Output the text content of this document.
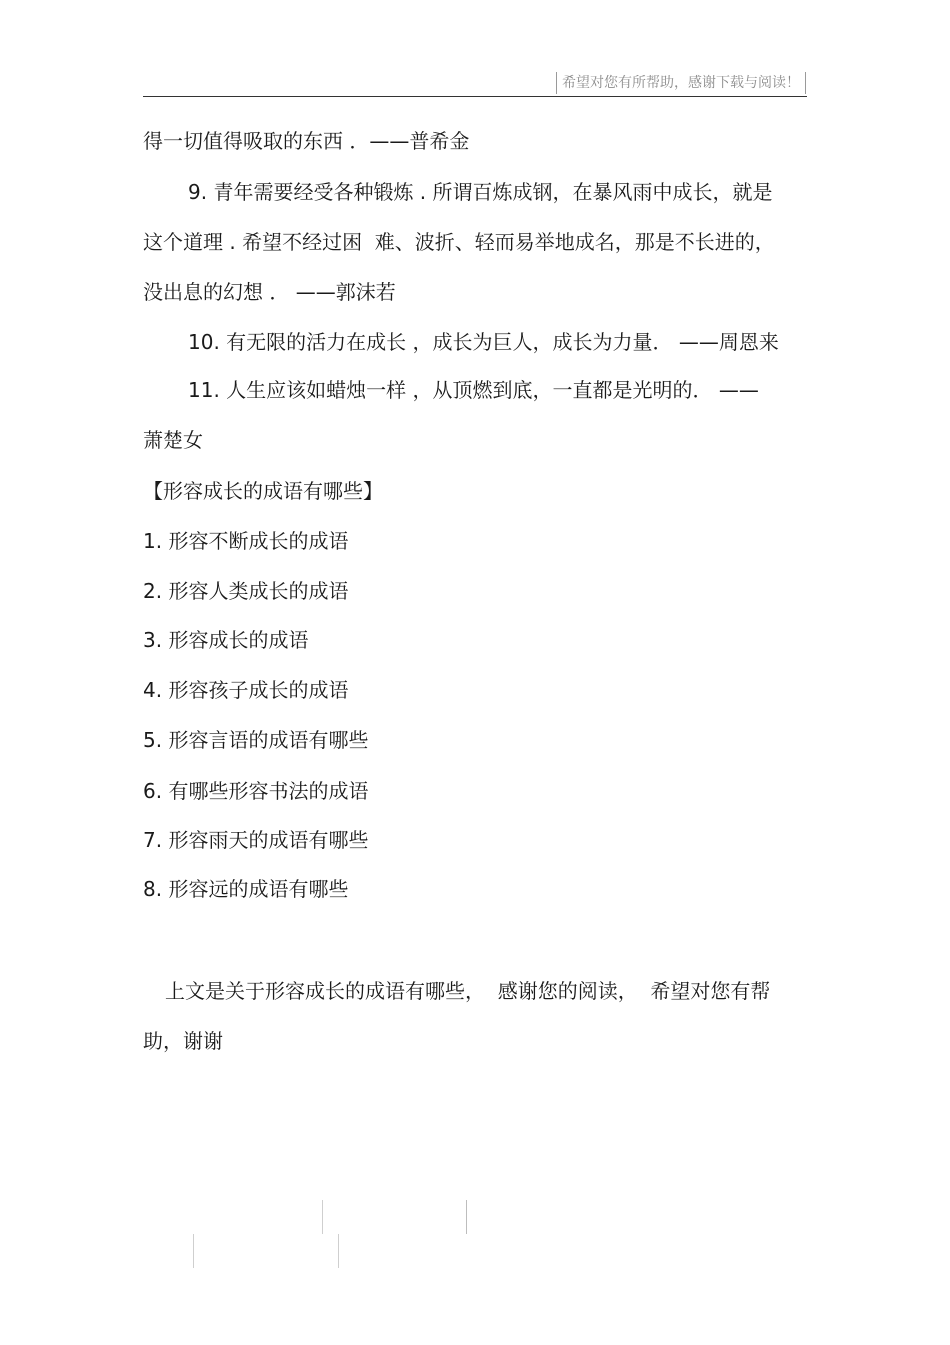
希望对您有所帮助，感谢下载与阅读！
得一切值得吸取的东西 ．——普希金
9. 青年需要经受各种锻炼 . 所谓百炼成钢，在暴风雨中成长，就是
这个道理 . 希望不经过困  难、波折、轻而易举地成名，那是不长进的，
没出息的幻想 ． ——郭沫若
10. 有无限的活力在成长 ，成长为巨人，成长为力量． ——周恩来
11. 人生应该如蜡烛一样 ，从顶燃到底，一直都是光明的． ——
萧楚女
【形容成长的成语有哪些】
1. 形容不断成长的成语
2. 形容人类成长的成语
3. 形容成长的成语
4. 形容孩子成长的成语
5. 形容言语的成语有哪些
6. 有哪些形容书法的成语
7. 形容雨天的成语有哪些
8. 形容远的成语有哪些
上文是关于形容成长的成语有哪些，  感谢您的阅读，  希望对您有帮
助，谢谢
